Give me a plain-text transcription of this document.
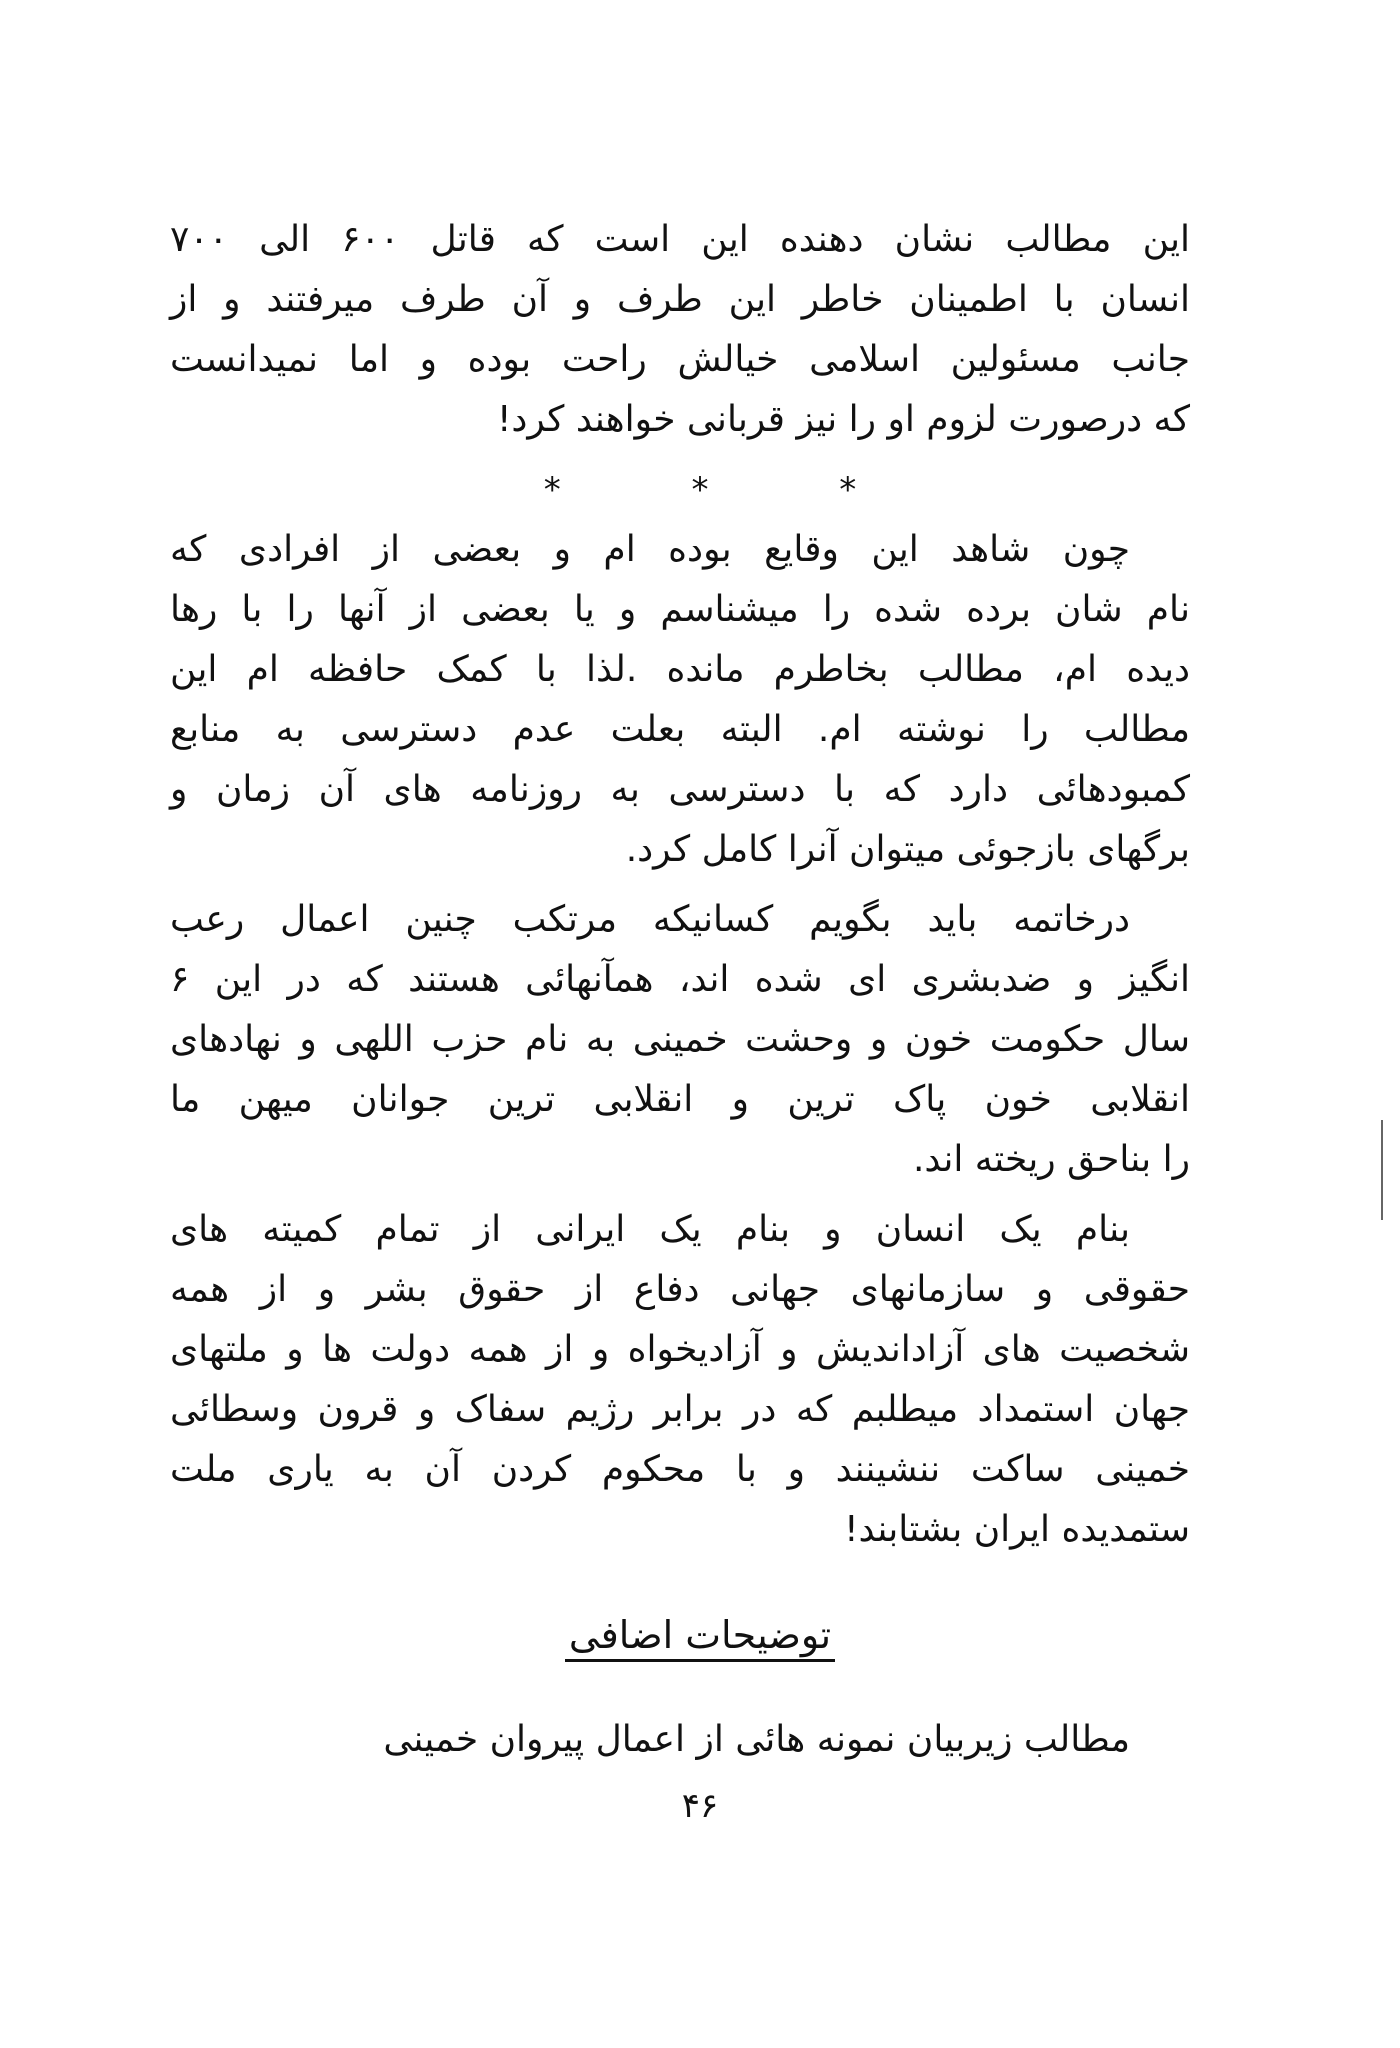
این مطالب نشان دهنده این است که قاتل ۶۰۰ الی ۷۰۰
انسان با اطمینان خاطر این طرف و آن طرف میرفتند و از
جانب مسئولین اسلامی خیالش راحت بوده و اما نمیدانست
که درصورت لزوم او را نیز قربانی خواهند کرد!
* * *
چون شاهد این وقایع بوده ام و بعضی از افرادی که
نام شان برده شده را میشناسم و یا بعضی از آنها را با رها
دیده ام، مطالب بخاطرم مانده .لذا با کمک حافظه ام این
مطالب را نوشته ام. البته بعلت عدم دسترسی به منابع
کمبودهائی دارد که با دسترسی به روزنامه های آن زمان و
برگهای بازجوئی میتوان آنرا کامل کرد.
درخاتمه باید بگویم کسانیکه مرتکب چنین اعمال رعب
انگیز و ضدبشری ای شده اند، همآنهائی هستند که در این ۶
سال حکومت خون و وحشت خمینی به نام حزب اللهی و نهادهای
انقلابی خون پاک ترین و انقلابی ترین جوانان میهن ما
را بناحق ریخته اند.
بنام یک انسان و بنام یک ایرانی از تمام کمیته های
حقوقی و سازمانهای جهانی دفاع از حقوق بشر و از همه
شخصیت های آزاداندیش و آزادیخواه و از همه دولت ها و ملتهای
جهان استمداد میطلبم که در برابر رژیم سفاک و قرون وسطائی
خمینی ساکت ننشینند و با محکوم کردن آن به یاری ملت
ستمدیده ایران بشتابند!
توضیحات اضافی
مطالب زیربیان نمونه هائی از اعمال پیروان خمینی
۴۶
